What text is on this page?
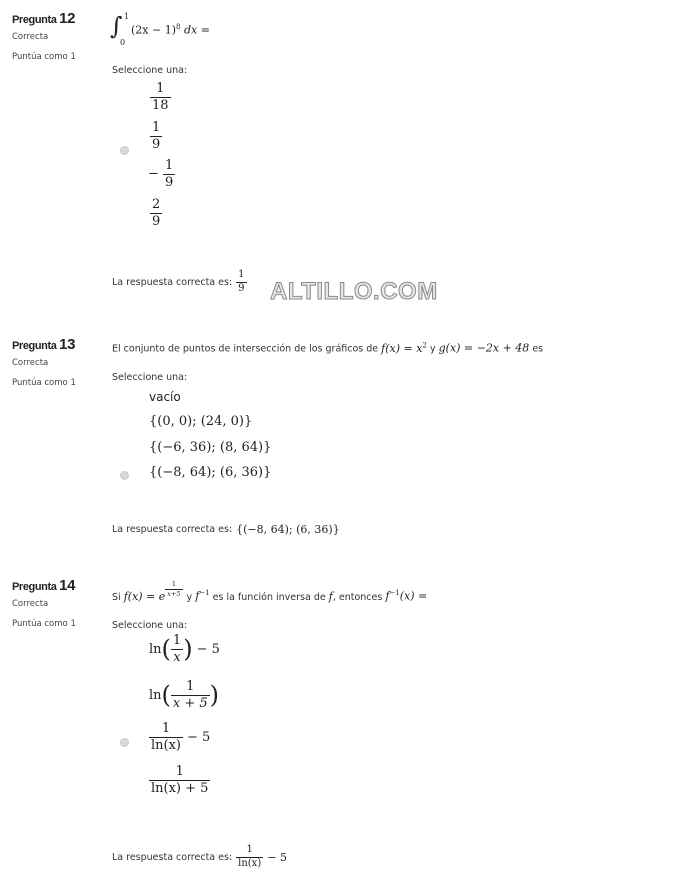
Pregunta 12
Correcta
Puntúa como 1
∫ 1
0
$(2x - 1)^8$ dx =
Seleccione una:
$\frac{1}{18}$
$\frac{1}{9}$
− $\frac{1}{9}$
$\frac{2}{9}$
La respuesta correcta es: $\frac{1}{9}$ ALTILLO.COM
Pregunta 13
Correcta
Puntúa como 1
El conjunto de puntos de intersección de los gráficos de $f(x) = x^2$ y g(x) = −2x + 48 es
Seleccione una:
vacío
{(0, 0); (24, 0)}
{(−6, 36); (8, 64)}
{(−8, 64); (6, 36)}
La respuesta correcta es: {(−8, 64); (6, 36)}
Pregunta 14
Correcta
Puntúa como 1
Si
f(x) = e $\frac{1}{x+5}$ y
$f^{-1}$
es la función inversa de
f , entonces
$f^{-1}(x)$ =
Seleccione una:
ln ( $\frac{1}{x}$ ) − 5
ln ( $\frac{1}{x + 5}$ )
$\frac{1}{\ln(x)} - 5$
$\frac{1}{\ln(x) + 5}$
La respuesta correcta es: $\frac{1}{\ln(x)} - 5$
